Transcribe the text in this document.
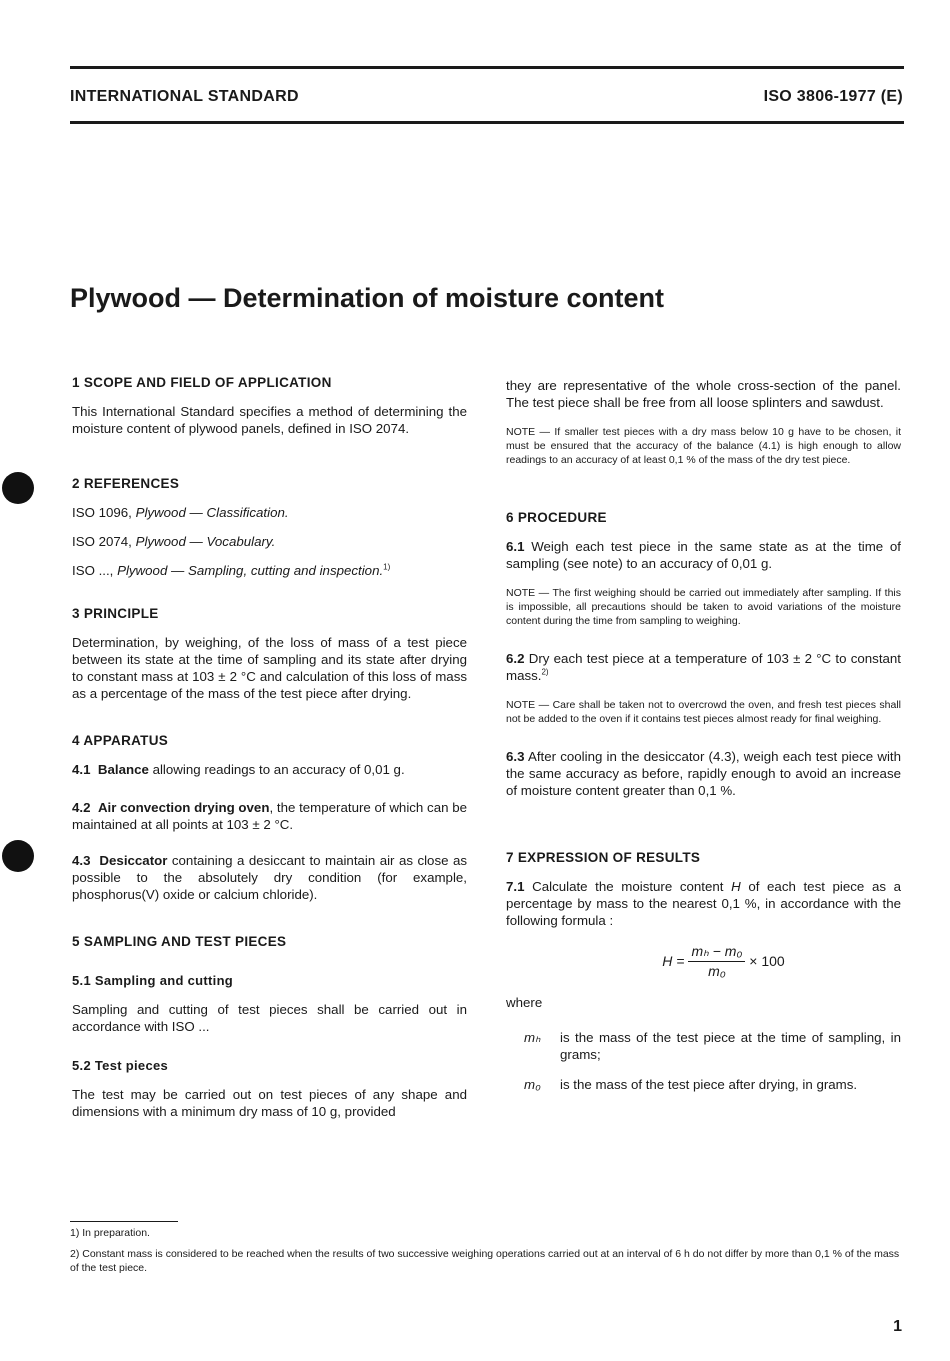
INTERNATIONAL STANDARD	ISO 3806-1977 (E)
Plywood — Determination of moisture content

1 SCOPE AND FIELD OF APPLICATION

This International Standard specifies a method of determining the moisture content of plywood panels, defined in ISO 2074.

2 REFERENCES

ISO 1096, Plywood — Classification.

ISO 2074, Plywood — Vocabulary.

ISO ..., Plywood — Sampling, cutting and inspection.$^{1)}$

3 PRINCIPLE

Determination, by weighing, of the loss of mass of a test piece between its state at the time of sampling and its state after drying to constant mass at 103 ± 2 °C and calculation of this loss of mass as a percentage of the mass of the test piece after drying.

4 APPARATUS

4.1 Balance allowing readings to an accuracy of 0,01 g.

4.2 Air convection drying oven, the temperature of which can be maintained at all points at 103 ± 2 °C.

4.3 Desiccator containing a desiccant to maintain air as close as possible to the absolutely dry condition (for example, phosphorus(V) oxide or calcium chloride).

5 SAMPLING AND TEST PIECES

5.1 Sampling and cutting

Sampling and cutting of test pieces shall be carried out in accordance with ISO ...

5.2 Test pieces

The test may be carried out on test pieces of any shape and dimensions with a minimum dry mass of 10 g, provided

they are representative of the whole cross-section of the panel. The test piece shall be free from all loose splinters and sawdust.

NOTE — If smaller test pieces with a dry mass below 10 g have to be chosen, it must be ensured that the accuracy of the balance (4.1) is high enough to allow readings to an accuracy of at least 0,1 % of the mass of the dry test piece.

6 PROCEDURE

6.1 Weigh each test piece in the same state as at the time of sampling (see note) to an accuracy of 0,01 g.

NOTE — The first weighing should be carried out immediately after sampling. If this is impossible, all precautions should be taken to avoid variations of the moisture content during the time from sampling to weighing.

6.2 Dry each test piece at a temperature of 103 ± 2 °C to constant mass.$^{2)}$

NOTE — Care shall be taken not to overcrowd the oven, and fresh test pieces shall not be added to the oven if it contains test pieces almost ready for final weighing.

6.3 After cooling in the desiccator (4.3), weigh each test piece with the same accuracy as before, rapidly enough to avoid an increase of moisture content greater than 0,1 %.

7 EXPRESSION OF RESULTS

7.1 Calculate the moisture content H of each test piece as a percentage by mass to the nearest 0,1 %, in accordance with the following formula :

$H = \frac{\text{mₕ − m₀}}{\text{m₀}} \times 100$

where

mₕ	is the mass of the test piece at the time of sampling, in grams;
m₀	is the mass of the test piece after drying, in grams.

1) In preparation.

2) Constant mass is considered to be reached when the results of two successive weighing operations carried out at an interval of 6 h do not differ by more than 0,1 % of the mass of the test piece.

1
